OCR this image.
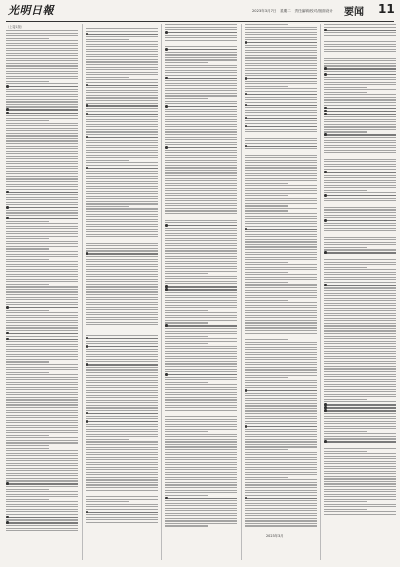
光明日報	2023年3月7日　星期二　责任编辑/校对/版面设计 要闻 11
（上接1版）
2023年3月
